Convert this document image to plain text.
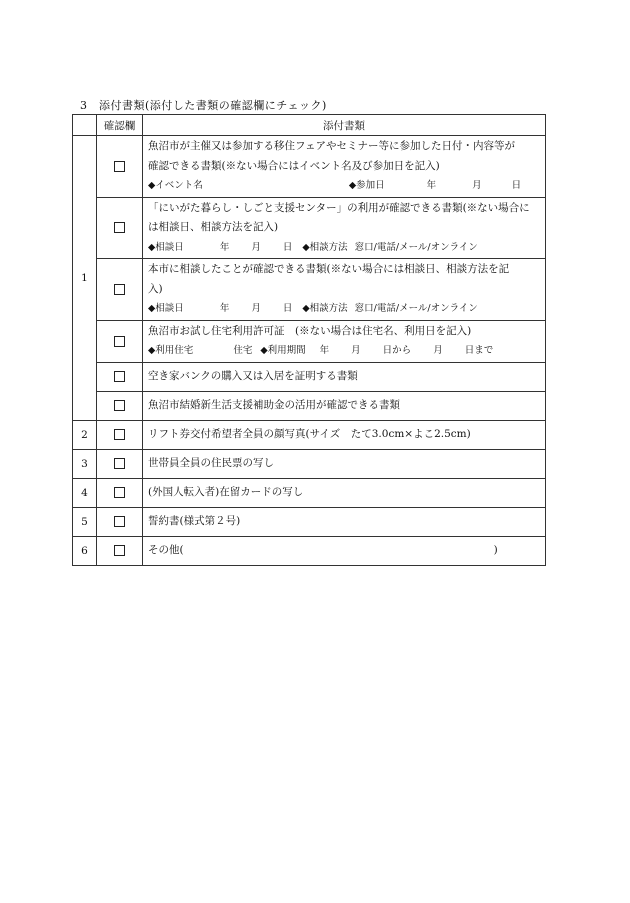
3　添付書類(添付した書類の確認欄にチェック)
	確認欄	添付書類
1		魚沼市が主催又は参加する移住フェアやセミナー等に参加した日付・内容等が
確認できる書類(※ない場合にはイベント名及び参加日を記入)
◆イベント名 ◆参加日 年 月 日

		「にいがた暮らし・しごと支援センター」の利用が確認できる書類(※ない場合に
は相談日、相談方法を記入)
◆相談日 年 月 日 ◆相談方法 窓口/電話/メール/オンライン

		本市に相談したことが確認できる書類(※ない場合には相談日、相談方法を記
入)
◆相談日 年 月 日 ◆相談方法 窓口/電話/メール/オンライン

		魚沼市お試し住宅利用許可証　(※ない場合は住宅名、利用日を記入)
◆利用住宅 住宅 ◆利用期間 年 月 日から 月 日まで

		空き家バンクの購入又は入居を証明する書類
		魚沼市結婚新生活支援補助金の活用が確認できる書類
2		リフト券交付希望者全員の顔写真(サイズ　たて3.0cm×よこ2.5cm)
3		世帯員全員の住民票の写し
4		(外国人転入者)在留カードの写し
5		誓約書(様式第２号)
6		その他( )
